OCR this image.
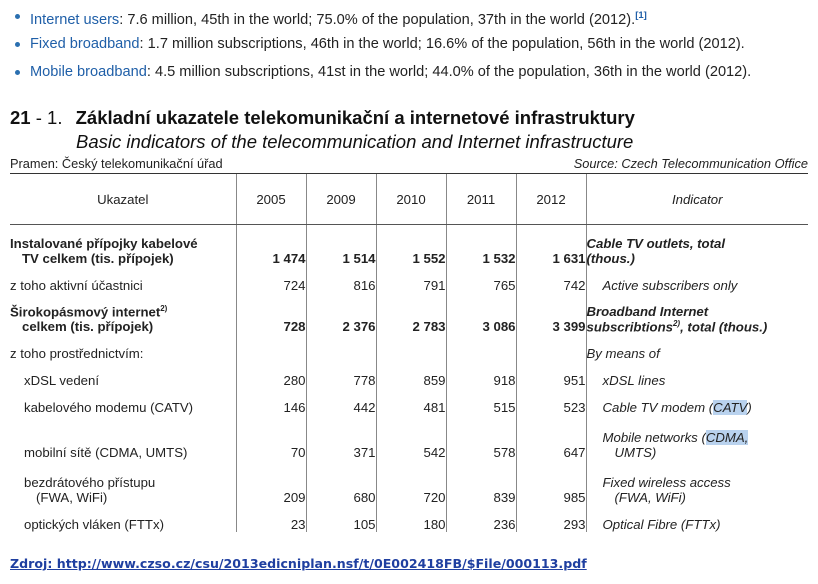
Internet users: 7.6 million, 45th in the world; 75.0% of the population, 37th in the world (2012).[1]
Fixed broadband: 1.7 million subscriptions, 46th in the world; 16.6% of the population, 56th in the world (2012).
Mobile broadband: 4.5 million subscriptions, 41st in the world; 44.0% of the population, 36th in the world (2012).
21 - 1. Základní ukazatele telekomunikační a internetové infrastruktury
Basic indicators of the telecommunication and Internet infrastructure
Pramen: Český telekomunikační úřad	Source: Czech Telecommunication Office
Ukazatel	2005	2009	2010	2011	2012	Indicator
Instalované přípojky kabelové
TV celkem (tis. přípojek)	1 474	1 514	1 552	1 532	1 631	Cable TV outlets, total
(thous.)
z toho aktivní účastnici	724	816	791	765	742	Active subscribers only
Širokopásmový internet$^{2)}$
celkem (tis. přípojek)	728	2 376	2 783	3 086	3 399	Broadband Internet
subscribtions$^{2)}$, total (thous.)
z toho prostřednictvím:						By means of
xDSL vedení	280	778	859	918	951	xDSL lines
kabelového modemu (CATV)	146	442	481	515	523	Cable TV modem (CATV)
mobilní sítě (CDMA, UMTS)	70	371	542	578	647	Mobile networks (CDMA,
UMTS)
bezdrátového přístupu
(FWA, WiFi)	209	680	720	839	985	Fixed wireless access
(FWA, WiFi)
optických vláken (FTTx)	23	105	180	236	293	Optical Fibre (FTTx)
Zdroj: http://www.czso.cz/csu/2013edicniplan.nsf/t/0E002418FB/$File/000113.pdf
